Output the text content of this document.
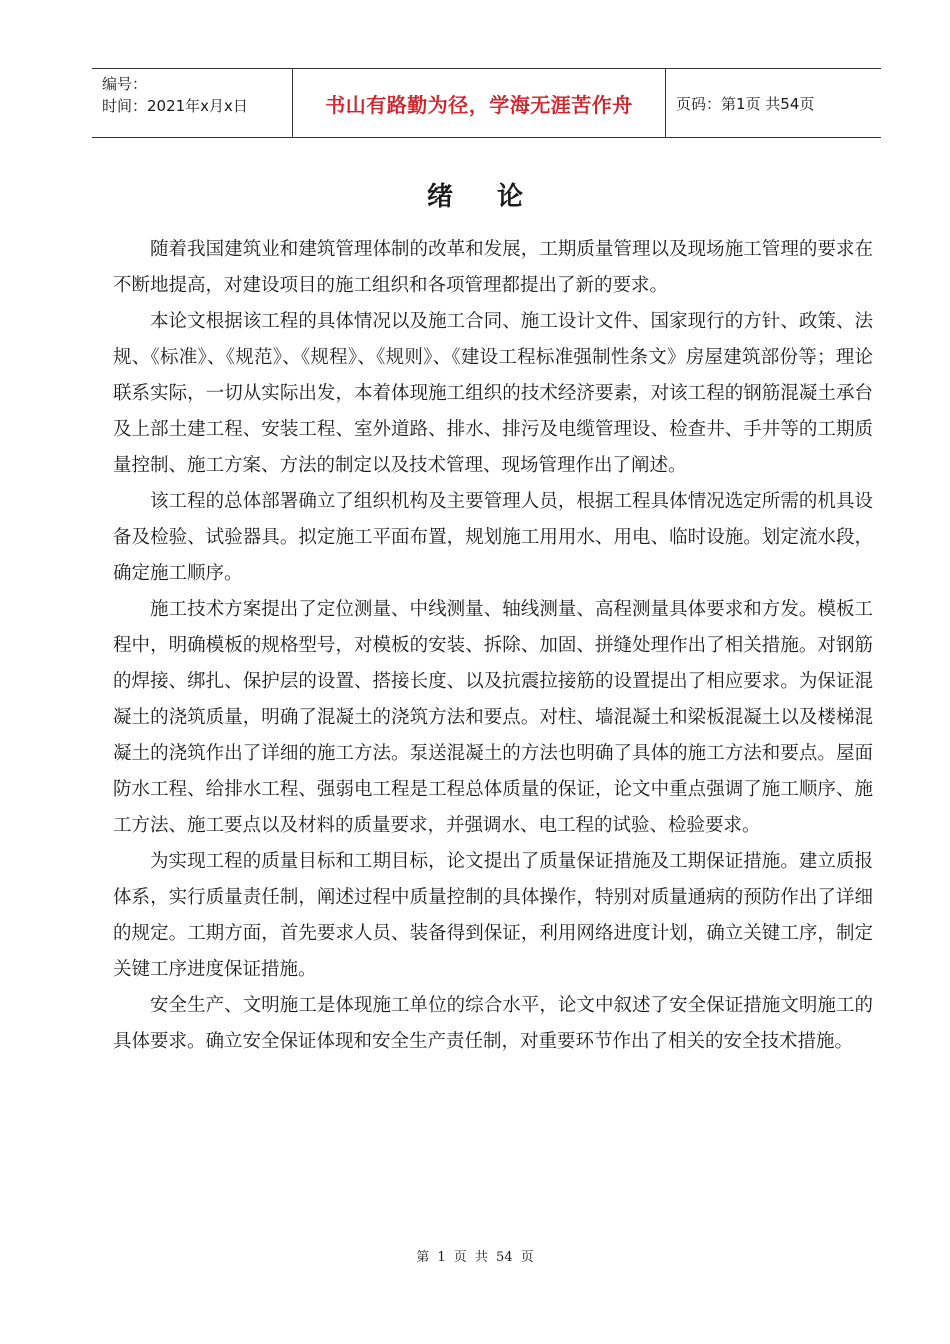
编号：
时间：2021年x月x日	书山有路勤为径，学海无涯苦作舟	页码：第1页 共54页
绪论

随着我国建筑业和建筑管理体制的改革和发展，工期质量管理以及现场施工管理的要求在不断地提高，对建设项目的施工组织和各项管理都提出了新的要求。

本论文根据该工程的具体情况以及施工合同、施工设计文件、国家现行的方针、政策、法规、《标准》、《规范》、《规程》、《规则》、《建设工程标准强制性条文》房屋建筑部份等；理论联系实际，一切从实际出发，本着体现施工组织的技术经济要素，对该工程的钢筋混凝土承台及上部土建工程、安装工程、室外道路、排水、排污及电缆管理设、检查井、手井等的工期质量控制、施工方案、方法的制定以及技术管理、现场管理作出了阐述。

该工程的总体部署确立了组织机构及主要管理人员，根据工程具体情况选定所需的机具设备及检验、试验器具。拟定施工平面布置，规划施工用用水、用电、临时设施。划定流水段，确定施工顺序。

施工技术方案提出了定位测量、中线测量、轴线测量、高程测量具体要求和方发。模板工程中，明确模板的规格型号，对模板的安装、拆除、加固、拼缝处理作出了相关措施。对钢筋的焊接、绑扎、保护层的设置、搭接长度、以及抗震拉接筋的设置提出了相应要求。为保证混凝土的浇筑质量，明确了混凝土的浇筑方法和要点。对柱、墙混凝土和梁板混凝土以及楼梯混凝土的浇筑作出了详细的施工方法。泵送混凝土的方法也明确了具体的施工方法和要点。屋面防水工程、给排水工程、强弱电工程是工程总体质量的保证，论文中重点强调了施工顺序、施工方法、施工要点以及材料的质量要求，并强调水、电工程的试验、检验要求。

为实现工程的质量目标和工期目标，论文提出了质量保证措施及工期保证措施。建立质报体系，实行质量责任制，阐述过程中质量控制的具体操作，特别对质量通病的预防作出了详细的规定。工期方面，首先要求人员、装备得到保证，利用网络进度计划，确立关键工序，制定关键工序进度保证措施。

安全生产、文明施工是体现施工单位的综合水平，论文中叙述了安全保证措施文明施工的具体要求。确立安全保证体现和安全生产责任制，对重要环节作出了相关的安全技术措施。

第 1 页 共 54 页
